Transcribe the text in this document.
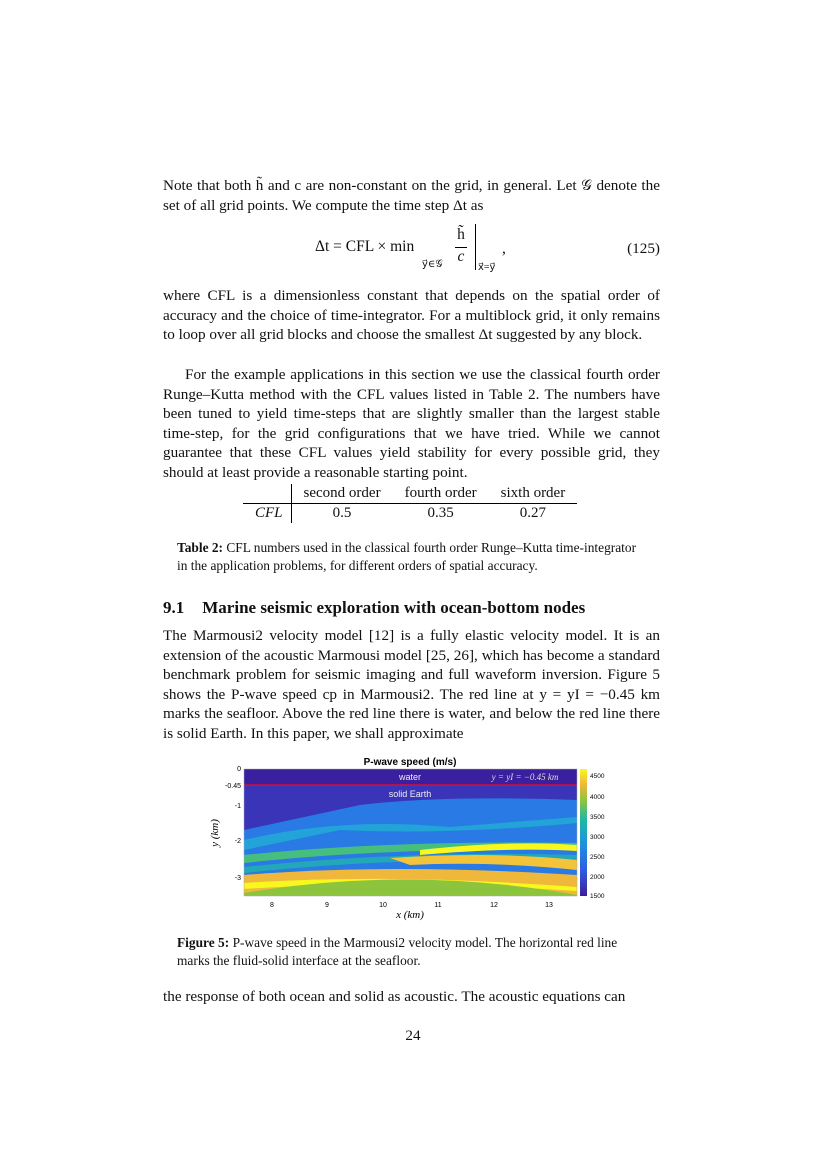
Note that both h̃ and c are non-constant on the grid, in general. Let 𝒢 denote the set of all grid points. We compute the time step Δt as
Δt = CFL × min
y⃗∈𝒢
h̃
c
x⃗=y⃗
,	(125)
where CFL is a dimensionless constant that depends on the spatial order of accuracy and the choice of time-integrator. For a multiblock grid, it only remains to loop over all grid blocks and choose the smallest Δt suggested by any block.
For the example applications in this section we use the classical fourth order Runge–Kutta method with the CFL values listed in Table 2. The numbers have been tuned to yield time-steps that are slightly smaller than the largest stable time-step, for the grid configurations that we have tried. While we cannot guarantee that these CFL values yield stability for every possible grid, they should at least provide a reasonable starting point.
	second order	fourth order	sixth order
CFL	0.5	0.35	0.27
Table 2: CFL numbers used in the classical fourth order Runge–Kutta time-integrator in the application problems, for different orders of spatial accuracy.
9.1 Marine seismic exploration with ocean-bottom nodes
The Marmousi2 velocity model [12] is a fully elastic velocity model. It is an extension of the acoustic Marmousi model [25, 26], which has become a standard benchmark problem for seismic imaging and full waveform inversion. Figure 5 shows the P-wave speed cp in Marmousi2. The red line at y = yI = −0.45 km marks the seafloor. Above the red line there is water, and below the red line there is solid Earth. In this paper, we shall approximate
P-wave speed (m/s)
water
solid Earth
y = yI = −0.45 km
0
-0.45
-1
-2
-3
8	9	10	11	12	13
x (km)
y (km)
4500
4000
3500
3000
2500
2000
1500
Figure 5: P-wave speed in the Marmousi2 velocity model. The horizontal red line marks the fluid-solid interface at the seafloor.
the response of both ocean and solid as acoustic. The acoustic equations can
24
